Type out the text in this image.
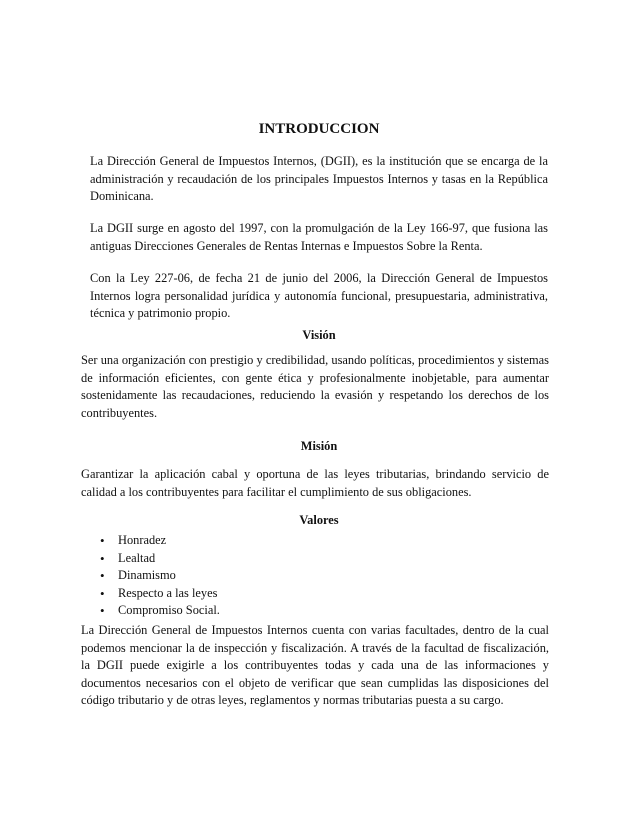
INTRODUCCION

La Dirección General de Impuestos Internos, (DGII), es la institución que se encarga de la administración y recaudación de los principales Impuestos Internos y tasas en la República Dominicana.

La DGII surge en agosto del 1997, con la promulgación de la Ley 166-97, que fusiona las antiguas Direcciones Generales de Rentas Internas e Impuestos Sobre la Renta.

Con la Ley 227-06, de fecha 21 de junio del 2006, la Dirección General de Impuestos Internos logra personalidad jurídica y autonomía funcional, presupuestaria, administrativa, técnica y patrimonio propio.

Visión

Ser una organización con prestigio y credibilidad, usando políticas, procedimientos y sistemas de información eficientes, con gente ética y profesionalmente inobjetable, para aumentar sostenidamente las recaudaciones, reduciendo la evasión y respetando los derechos de los contribuyentes.

Misión

Garantizar la aplicación cabal y oportuna de las leyes tributarias, brindando servicio de calidad a los contribuyentes para facilitar el cumplimiento de sus obligaciones.

Valores
• Honradez
• Lealtad
• Dinamismo
• Respecto a las leyes
• Compromiso Social.

La Dirección General de Impuestos Internos cuenta con varias facultades, dentro de la cual podemos mencionar la de inspección y fiscalización. A través de la facultad de fiscalización, la DGII puede exigirle a los contribuyentes todas y cada una de las informaciones y documentos necesarios con el objeto de verificar que sean cumplidas las disposiciones del código tributario y de otras leyes, reglamentos y normas tributarias puesta a su cargo.
